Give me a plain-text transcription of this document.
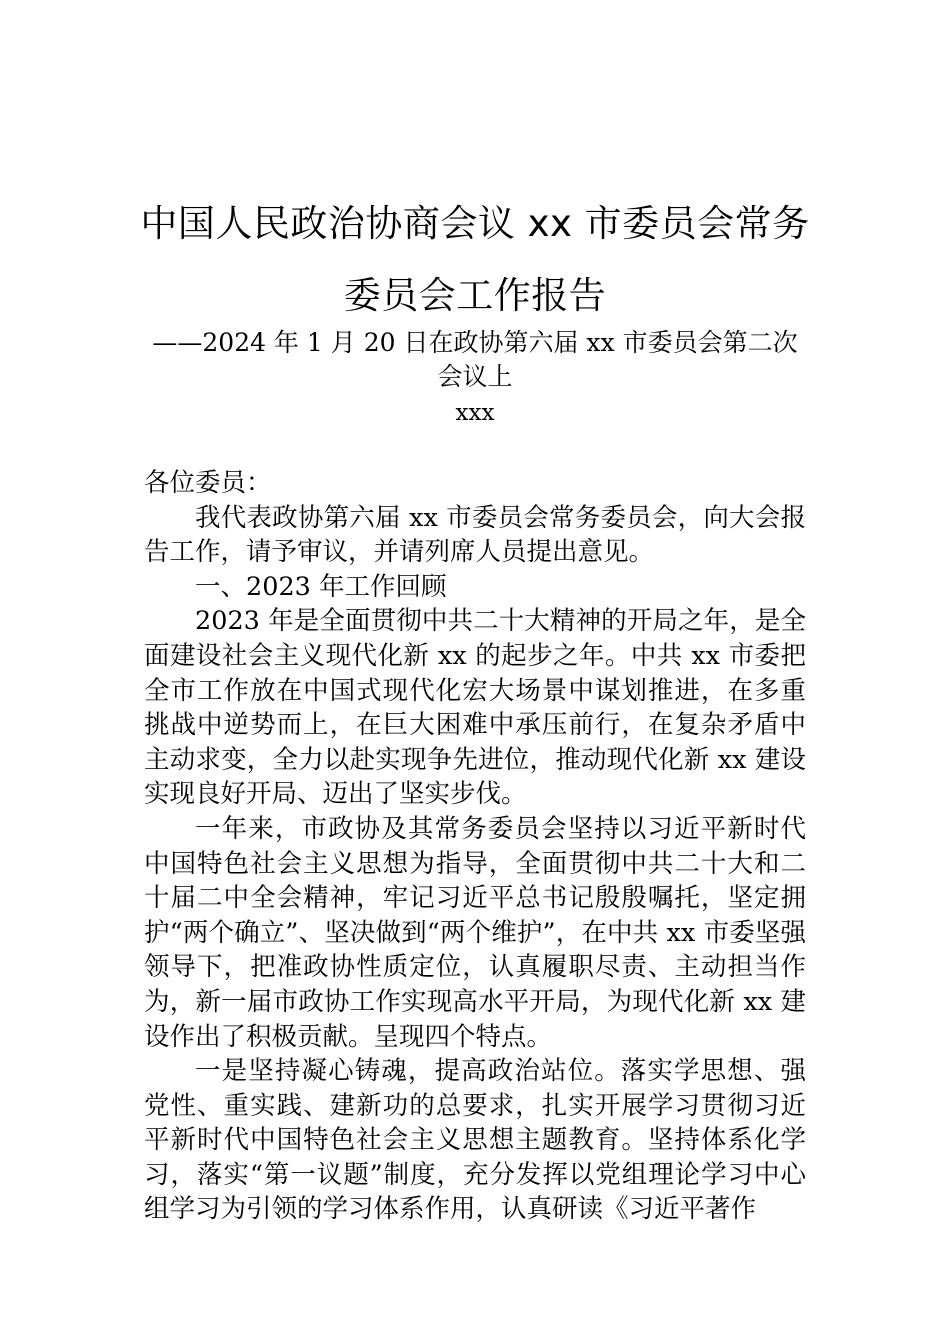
中国人民政治协商会议 xx 市委员会常务委员会工作报告
——2024 年 1 月 20 日在政协第六届 xx 市委员会第二次会议上
xxx

各位委员：

我代表政协第六届 xx 市委员会常务委员会，向大会报告工作，请予审议，并请列席人员提出意见。

一、2023 年工作回顾

2023 年是全面贯彻中共二十大精神的开局之年，是全面建设社会主义现代化新 xx 的起步之年。中共 xx 市委把全市工作放在中国式现代化宏大场景中谋划推进，在多重挑战中逆势而上，在巨大困难中承压前行，在复杂矛盾中主动求变，全力以赴实现争先进位，推动现代化新 xx 建设实现良好开局、迈出了坚实步伐。

一年来，市政协及其常务委员会坚持以习近平新时代中国特色社会主义思想为指导，全面贯彻中共二十大和二十届二中全会精神，牢记习近平总书记殷殷嘱托，坚定拥护“两个确立”、坚决做到“两个维护”，在中共 xx 市委坚强领导下，把准政协性质定位，认真履职尽责、主动担当作为，新一届市政协工作实现高水平开局，为现代化新 xx 建设作出了积极贡献。呈现四个特点。

一是坚持凝心铸魂，提高政治站位。落实学思想、强党性、重实践、建新功的总要求，扎实开展学习贯彻习近平新时代中国特色社会主义思想主题教育。坚持体系化学习，落实“第一议题”制度，充分发挥以党组理论学习中心组学习为引领的学习体系作用，认真研读《习近平著作
